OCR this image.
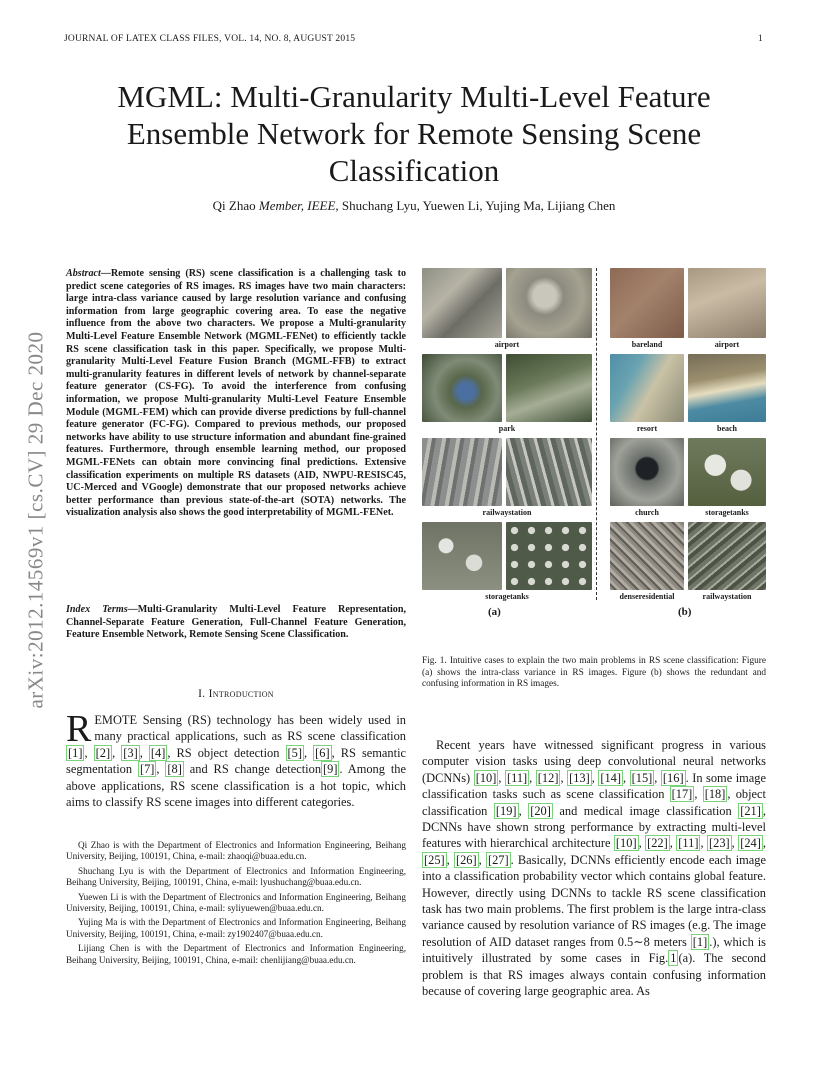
JOURNAL OF LATEX CLASS FILES, VOL. 14, NO. 8, AUGUST 2015	1
MGML: Multi-Granularity Multi-Level Feature Ensemble Network for Remote Sensing Scene Classification
Qi Zhao Member, IEEE, Shuchang Lyu, Yuewen Li, Yujing Ma, Lijiang Chen
arXiv:2012.14569v1 [cs.CV] 29 Dec 2020
Abstract—Remote sensing (RS) scene classification is a challenging task to predict scene categories of RS images. RS images have two main characters: large intra-class variance caused by large resolution variance and confusing information from large geographic covering area. To ease the negative influence from the above two characters. We propose a Multi-granularity Multi-Level Feature Ensemble Network (MGML-FENet) to efficiently tackle RS scene classification task in this paper. Specifically, we propose Multi-granularity Multi-Level Feature Fusion Branch (MGML-FFB) to extract multi-granularity features in different levels of network by channel-separate feature generator (CS-FG). To avoid the interference from confusing information, we propose Multi-granularity Multi-Level Feature Ensemble Module (MGML-FEM) which can provide diverse predictions by full-channel feature generator (FC-FG). Compared to previous methods, our proposed networks have ability to use structure information and abundant fine-grained features. Furthermore, through ensemble learning method, our proposed MGML-FENets can obtain more convincing final predictions. Extensive classification experiments on multiple RS datasets (AID, NWPU-RESISC45, UC-Merced and VGoogle) demonstrate that our proposed networks achieve better performance than previous state-of-the-art (SOTA) networks. The visualization analysis also shows the good interpretability of MGML-FENet.
Index Terms—Multi-Granularity Multi-Level Feature Representation, Channel-Separate Feature Generation, Full-Channel Feature Generation, Feature Ensemble Network, Remote Sensing Scene Classification.
I. Introduction
REMOTE Sensing (RS) technology has been widely used in many practical applications, such as RS scene classification [1] , [2] , [3] , [4] , RS object detection [5] , [6] , RS semantic segmentation [7] , [8] and RS change detection [9] . Among the above applications, RS scene classification is a hot topic, which aims to classify RS scene images into different categories.

Qi Zhao is with the Department of Electronics and Information Engineering, Beihang University, Beijing, 100191, China, e-mail: zhaoqi@buaa.edu.cn.

Shuchang Lyu is with the Department of Electronics and Information Engineering, Beihang University, Beijing, 100191, China, e-mail: lyushuchang@buaa.edu.cn.

Yuewen Li is with the Department of Electronics and Information Engineering, Beihang University, Beijing, 100191, China, e-mail: syliyuewen@buaa.edu.cn.

Yujing Ma is with the Department of Electronics and Information Engineering, Beihang University, Beijing, 100191, China, e-mail: zy1902407@buaa.edu.cn.

Lijiang Chen is with the Department of Electronics and Information Engineering, Beihang University, Beijing, 100191, China, e-mail: chenlijiang@buaa.edu.cn.

airport
park
railwaystation
storagetanks
bareland	airport
resort	beach
church	storagetanks
denseresidential	railwaystation
(a)	(b)
Fig. 1. Intuitive cases to explain the two main problems in RS scene classification: Figure (a) shows the intra-class variance in RS images. Figure (b) shows the redundant and confusing information in RS images.
Recent years have witnessed significant progress in various computer vision tasks using deep convolutional neural networks (DCNNs) [10] , [11] , [12] , [13] , [14] , [15] , [16] . In some image classification tasks such as scene classification [17] , [18] , object classification [19] , [20] and medical image classification [21] , DCNNs have shown strong performance by extracting multi-level features with hierarchical architecture [10] , [22] , [11] , [23] , [24] , [25] , [26] , [27] . Basically, DCNNs efficiently encode each image into a classification probability vector which contains global feature. However, directly using DCNNs to tackle RS scene classification task has two main problems. The first problem is the large intra-class variance caused by resolution variance of RS images (e.g. The image resolution of AID dataset ranges from 0.5∼8 meters [1] .), which is intuitively illustrated by some cases in Fig. 1 (a). The second problem is that RS images always contain confusing information because of covering large geographic area. As
